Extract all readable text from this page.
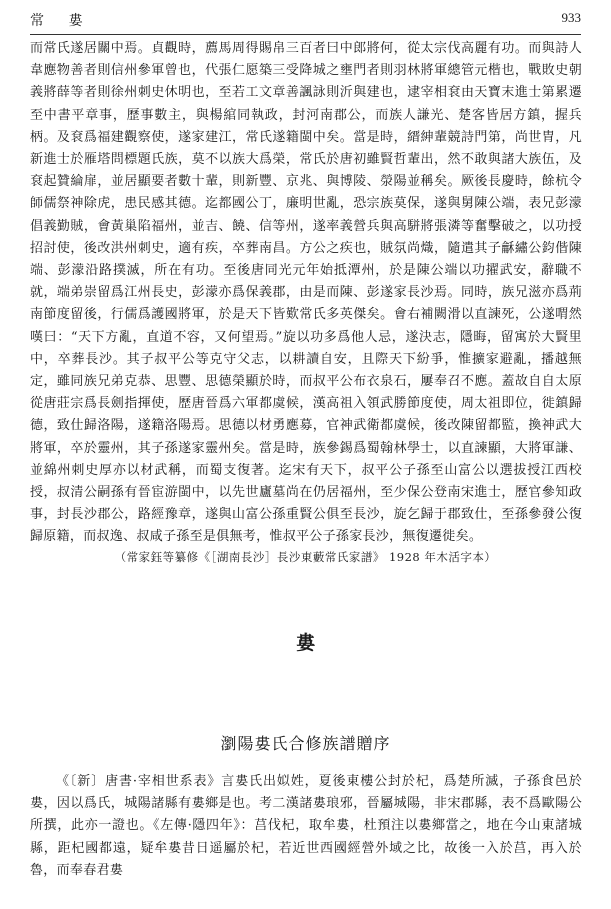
常 婁	933

而常氏遂居關中焉。貞觀時，薦馬周得賜帛三百者曰中郎將何，從太宗伐高麗有功。而與詩人韋應物善者則信州參軍曾也，代張仁愿築三受降城之壅門者則羽林將軍總管元楷也，戰敗史朝義將薛等者則徐州刺史休明也，至若工文章善諷詠則沂與建也，逮宰相袞由天寶末進士第累遷至中書平章事，歷事數主，與楊綰同執政，封河南郡公，而族人謙光、楚客皆居方鎮，握兵柄。及袞爲福建觀察使，遂家建江，常氏遂籍閩中矣。當是時，縉紳輩競詩門第，尚世胄，凡新進士於雁塔問標題氏族，莫不以族大爲榮，常氏於唐初雖賢哲輩出，然不敢與諸大族伍，及袞起贊綸扉，並居顯要者數十輩，則新豐、京兆、與博陵、滎陽並稱矣。厥後長慶時，餘杭令師儒祭神除虎，患民感其德。迄都國公丁，廉明世亂，恐宗族莫保，遂與舅陳公端，表兄彭濛倡義勤賊，會黃巢陷福州，並吉、饒、信等州，遂率義營兵與高駢將張潾等奮擊破之，以功授招討使，後改洪州刺史，適有疾，卒葬南昌。方公之疾也，賊氛尚熾，隨遣其子龢繡公鈞偕陳端、彭濛沿路撲滅，所在有功。至後唐同光元年始抵潭州，於是陳公端以功擢武安，辭職不就，端弟崇留爲江州長史，彭濛亦爲保義郡，由是而陳、彭遂家長沙焉。同時，族兄滋亦爲荊南節度留後，行儒爲護國將軍，於是天下皆歎常氏多英傑矣。會右補闕滑以直諫死，公遂喟然嘆曰：“天下方亂，直道不容，又何望焉。”旋以功多爲他人忌，遂決志，隱晦，留寓於大賢里中，卒葬長沙。其子叔平公等克守父志，以耕讀自安，且際天下紛爭，惟擴家避亂，播越無定，雖同族兄弟克恭、思豐、思德榮顯於時，而叔平公布衣泉石，屢奉召不應。蓋故自自太原從唐莊宗爲長劍指揮使，歷唐晉爲六軍都虞候，漢高祖入領武勝節度使，周太祖即位，徙鎮歸德，致仕歸洛陽，遂籍洛陽焉。思德以材勇應募，官神武衛都虞候，後改陳留都監，換神武大將軍，卒於靈州，其子孫遂家靈州矣。當是時，族參錫爲蜀翰林學士，以直諫顯，大將軍謙、並綿州刺史厚亦以材武稱，而蜀支復著。迄宋有天下，叔平公子孫至山富公以選拔授江西校授，叔清公嗣孫有晉宦游閩中，以先世廬墓尚在仍居福州，至少保公登南宋進士，歷官參知政事，封長沙郡公，路經豫章，遂與山富公孫重賢公俱至長沙，旋乞歸于郡致仕，至孫參發公復歸原籍，而叔逸、叔咸子孫至是俱無考，惟叔平公子孫家長沙，無復遷徙矣。

（常家鈺等纂修《［湖南長沙］長沙東藪常氏家譜》 1928 年木活字本）
婁
瀏陽婁氏合修族譜贈序

《〔新〕唐書·宰相世系表》言婁氏出姒姓，夏後東樓公封於杞，爲楚所滅，子孫食邑於婁，因以爲氏，城陽諸縣有婁鄉是也。考二漢諸婁琅邪，晉屬城陽，非宋郡縣，表不爲歐陽公所撰，此亦一證也。《左傳·隱四年》：莒伐杞，取牟婁，杜預注以婁鄉當之，地在今山東諸城縣，距杞國都遠，疑牟婁昔日遥屬於杞，若近世西國經營外域之比，故後一入於莒，再入於魯，而奉春君婁
